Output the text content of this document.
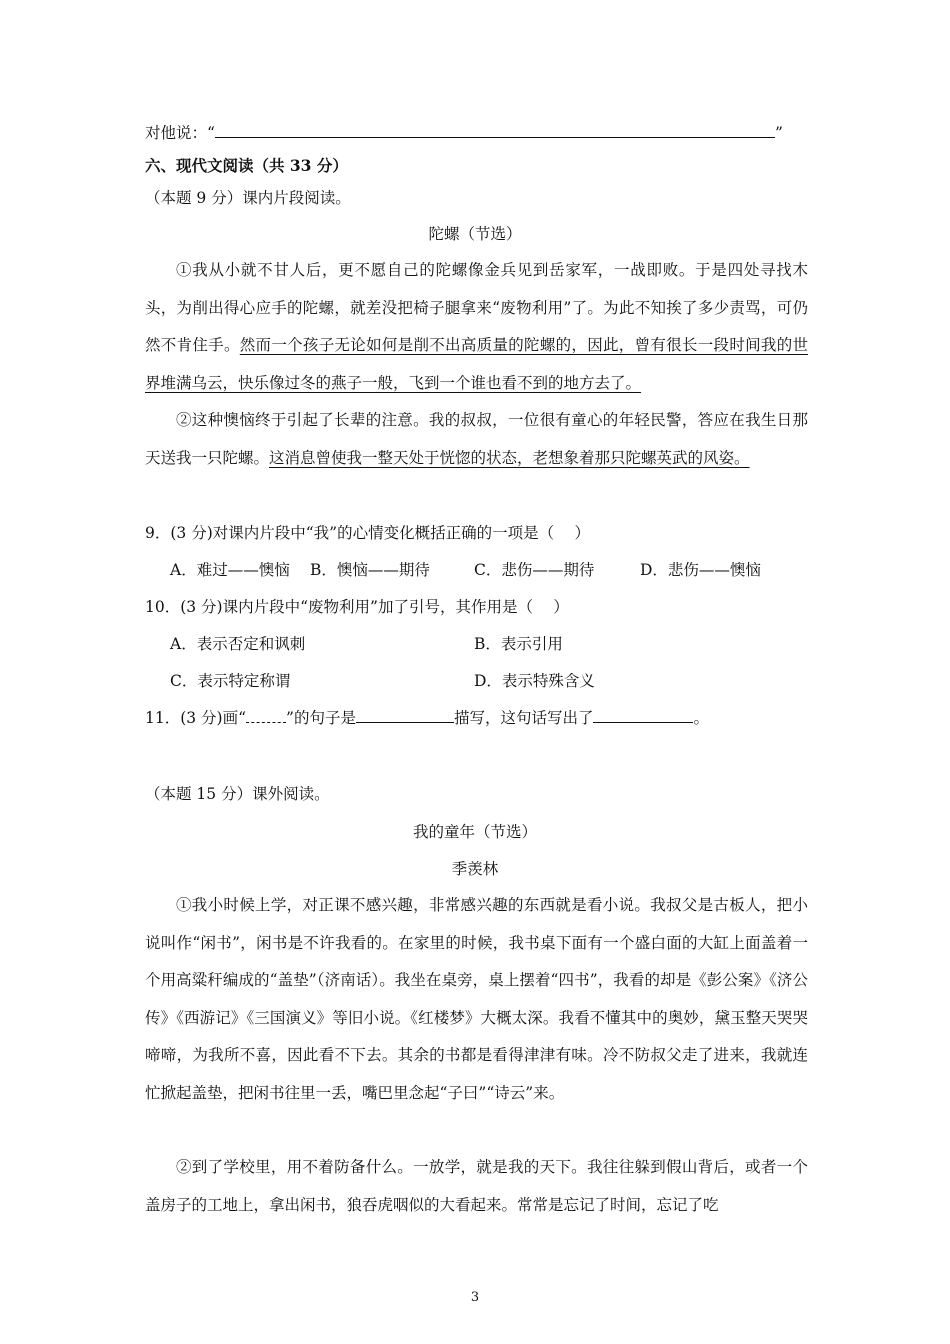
对他说：“	”
六、现代文阅读（共 33 分）
（本题 9 分）课内片段阅读。
陀螺（节选）
①我从小就不甘人后，更不愿自己的陀螺像金兵见到岳家军，一战即败。于是四处寻找木头，为削出得心应手的陀螺，就差没把椅子腿拿来“废物利用”了。为此不知挨了多少责骂，可仍然不肯住手。然而一个孩子无论如何是削不出高质量的陀螺的，因此，曾有很长一段时间我的世界堆满乌云，快乐像过冬的燕子一般，飞到一个谁也看不到的地方去了。
②这种懊恼终于引起了长辈的注意。我的叔叔，一位很有童心的年轻民警，答应在我生日那天送我一只陀螺。这消息曾使我一整天处于恍惚的状态，老想象着那只陀螺英武的风姿。
9．(3 分)对课内片段中“我”的心情变化概括正确的一项是（　 ）
A．难过——懊恼 B．懊恼——期待	C．悲伤——期待	D．悲伤——懊恼
10．(3 分)课内片段中“废物利用”加了引号，其作用是（　 ）
A．表示否定和讽刺	B．表示引用
C．表示特定称谓	D．表示特殊含义
11．(3 分)画“	”的句子是	描写，这句话写出了	。
（本题 15 分）课外阅读。
我的童年（节选）
季羡林
①我小时候上学，对正课不感兴趣，非常感兴趣的东西就是看小说。我叔父是古板人，把小说叫作“闲书”，闲书是不许我看的。在家里的时候，我书桌下面有一个盛白面的大缸上面盖着一个用高粱秆编成的“盖垫”（济南话）。我坐在桌旁，桌上摆着“四书”，我看的却是《彭公案》《济公传》《西游记》《三国演义》等旧小说。《红楼梦》大概太深。我看不懂其中的奥妙，黛玉整天哭哭啼啼，为我所不喜，因此看不下去。其余的书都是看得津津有味。冷不防叔父走了进来，我就连忙掀起盖垫，把闲书往里一丢，嘴巴里念起“子曰”“诗云”来。
②到了学校里，用不着防备什么。一放学，就是我的天下。我往往躲到假山背后，或者一个盖房子的工地上，拿出闲书，狼吞虎咽似的大看起来。常常是忘记了时间，忘记了吃
3
